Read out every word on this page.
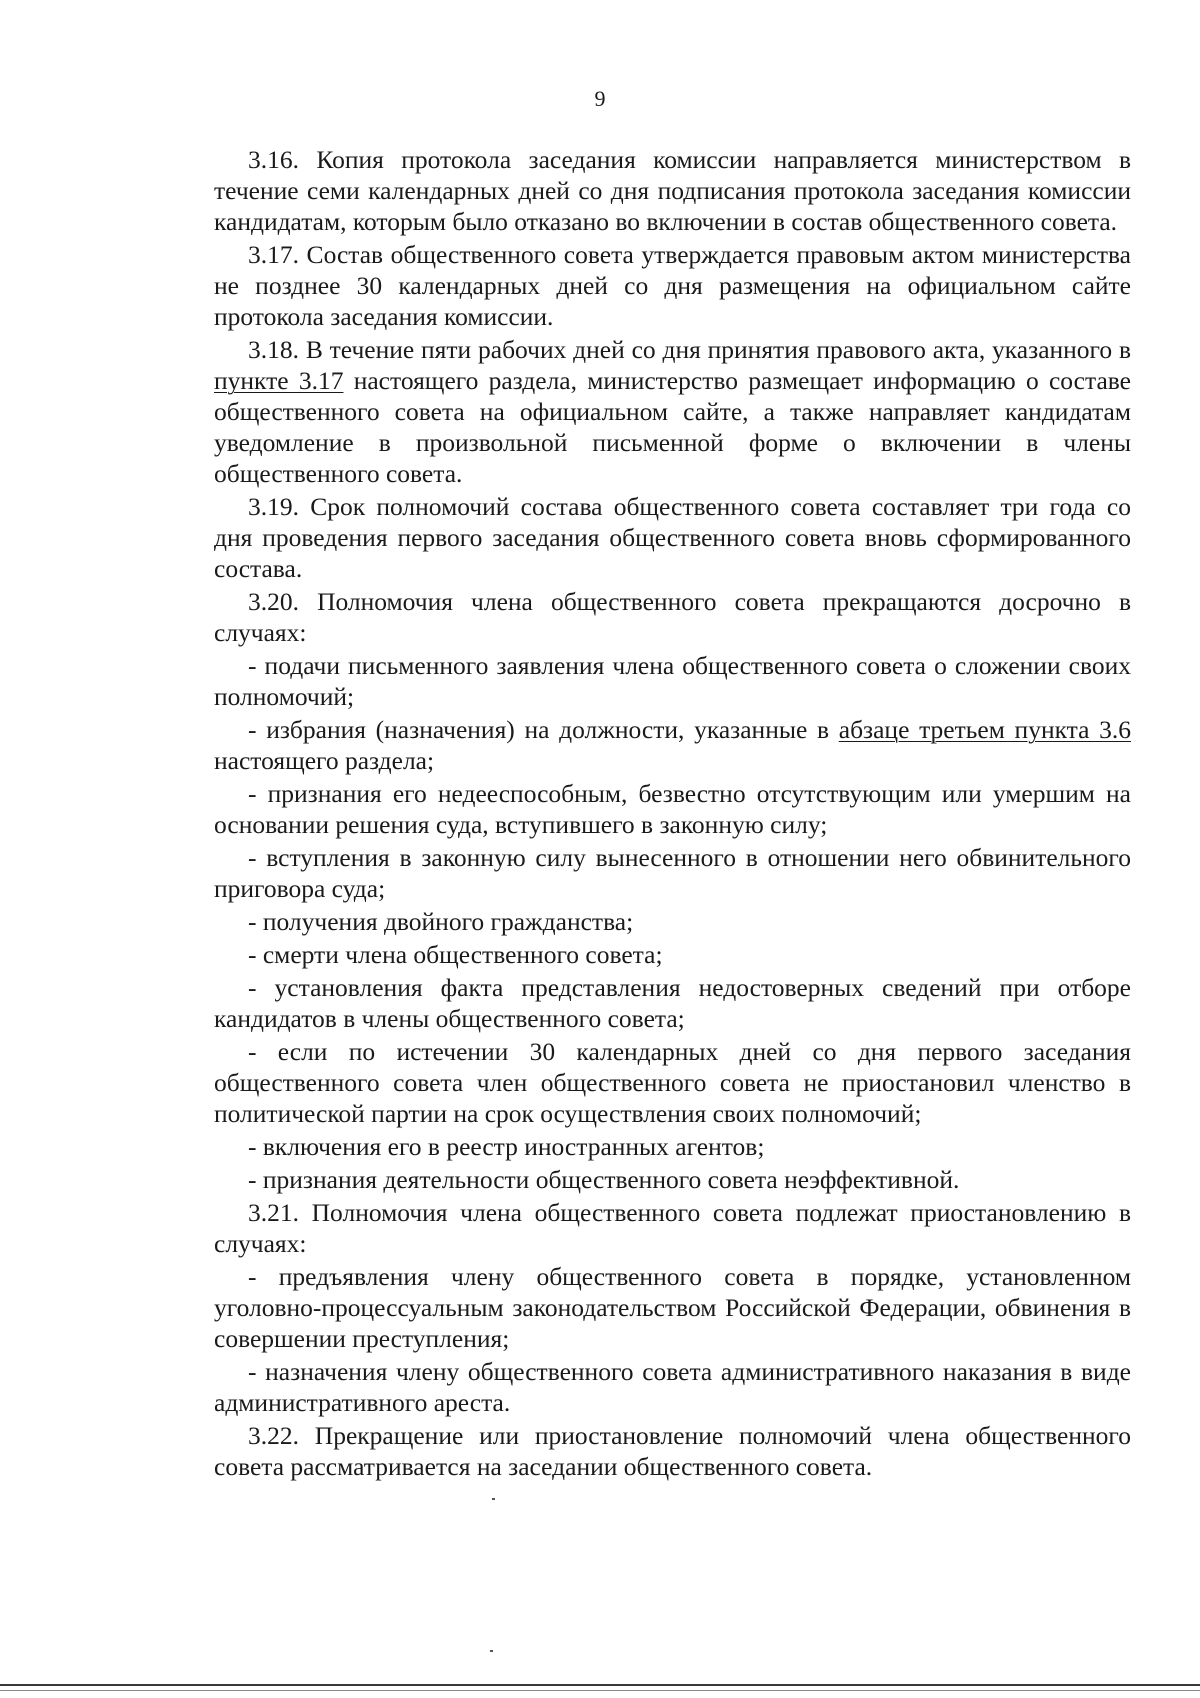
9

3.16. Копия протокола заседания комиссии направляется министерством в течение семи календарных дней со дня подписания протокола заседания комиссии кандидатам, которым было отказано во включении в состав общественного совета.

3.17. Состав общественного совета утверждается правовым актом министерства не позднее 30 календарных дней со дня размещения на официальном сайте протокола заседания комиссии.

3.18. В течение пяти рабочих дней со дня принятия правового акта, указанного в пункте 3.17 настоящего раздела, министерство размещает информацию о составе общественного совета на официальном сайте, а также направляет кандидатам уведомление в произвольной письменной форме о включении в члены общественного совета.

3.19. Срок полномочий состава общественного совета составляет три года со дня проведения первого заседания общественного совета вновь сформированного состава.

3.20. Полномочия члена общественного совета прекращаются досрочно в случаях:

- подачи письменного заявления члена общественного совета о сложении своих полномочий;

- избрания (назначения) на должности, указанные в абзаце третьем пункта 3.6 настоящего раздела;

- признания его недееспособным, безвестно отсутствующим или умершим на основании решения суда, вступившего в законную силу;

- вступления в законную силу вынесенного в отношении него обвинительного приговора суда;

- получения двойного гражданства;

- смерти члена общественного совета;

- установления факта представления недостоверных сведений при отборе кандидатов в члены общественного совета;

- если по истечении 30 календарных дней со дня первого заседания общественного совета член общественного совета не приостановил членство в политической партии на срок осуществления своих полномочий;

- включения его в реестр иностранных агентов;

- признания деятельности общественного совета неэффективной.

3.21. Полномочия члена общественного совета подлежат приостановлению в случаях:

- предъявления члену общественного совета в порядке, установленном уголовно-процессуальным законодательством Российской Федерации, обвинения в совершении преступления;

- назначения члену общественного совета административного наказания в виде административного ареста.

3.22. Прекращение или приостановление полномочий члена общественного совета рассматривается на заседании общественного совета.
